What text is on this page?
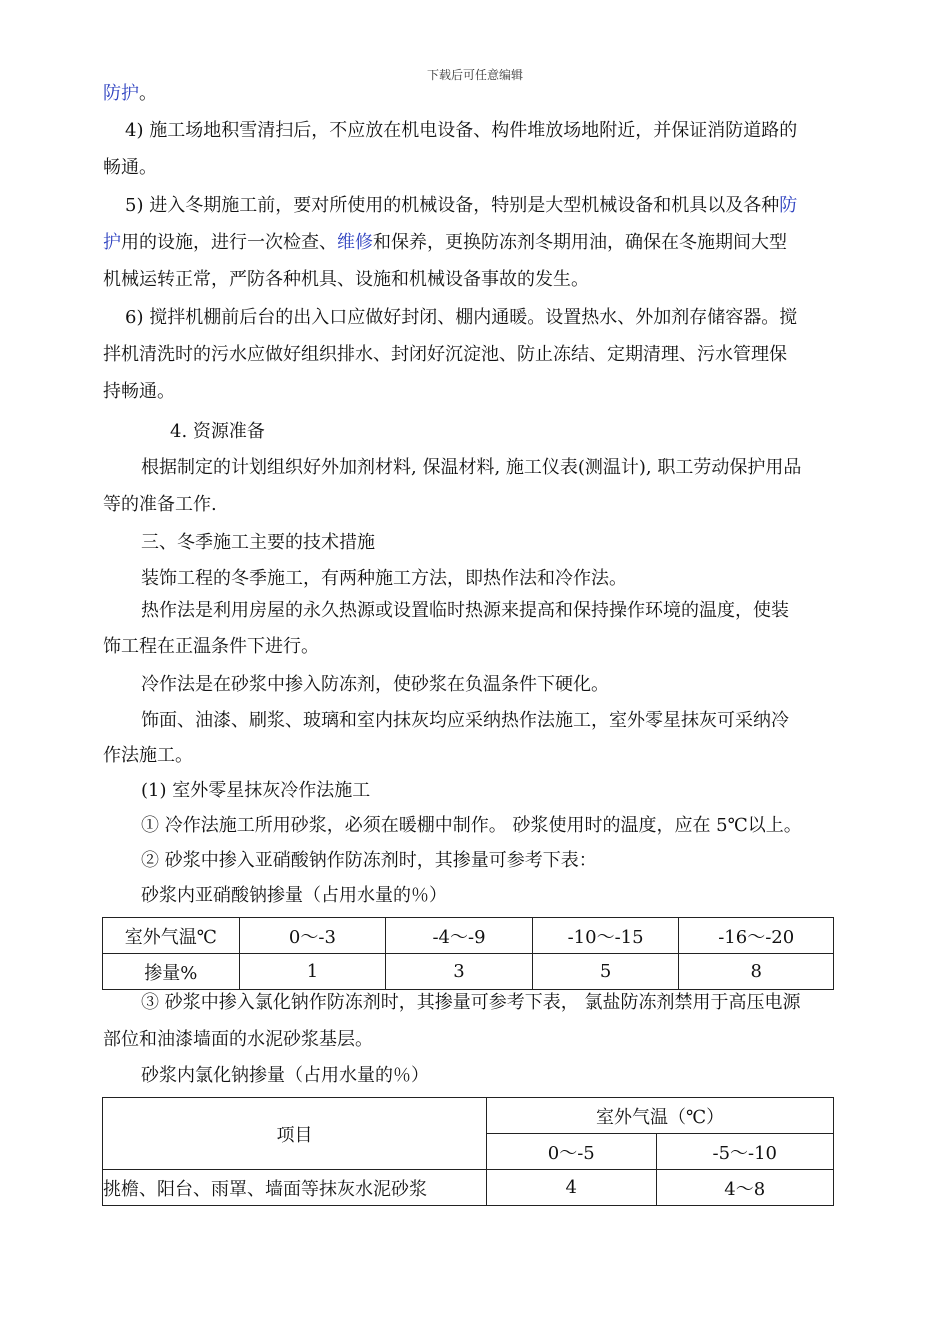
下载后可任意编辑
防护。
4) 施工场地积雪清扫后，不应放在机电设备、构件堆放场地附近，并保证消防道路的
畅通。
5) 进入冬期施工前，要对所使用的机械设备，特别是大型机械设备和机具以及各种防
护用的设施，进行一次检查、维修和保养，更换防冻剂冬期用油，确保在冬施期间大型
机械运转正常，严防各种机具、设施和机械设备事故的发生。
6) 搅拌机棚前后台的出入口应做好封闭、棚内通暖。设置热水、外加剂存储容器。搅
拌机清洗时的污水应做好组织排水、封闭好沉淀池、防止冻结、定期清理、污水管理保
持畅通。
4. 资源准备
根据制定的计划组织好外加剂材料, 保温材料, 施工仪表(测温计), 职工劳动保护用品
等的准备工作.
三、冬季施工主要的技术措施
装饰工程的冬季施工，有两种施工方法，即热作法和冷作法。
热作法是利用房屋的永久热源或设置临时热源来提高和保持操作环境的温度，使装
饰工程在正温条件下进行。
冷作法是在砂浆中掺入防冻剂，使砂浆在负温条件下硬化。
饰面、油漆、刷浆、玻璃和室内抹灰均应采纳热作法施工，室外零星抹灰可采纳冷
作法施工。
(1) 室外零星抹灰冷作法施工
① 冷作法施工所用砂浆，必须在暖棚中制作。 砂浆使用时的温度，应在 5℃以上。
② 砂浆中掺入亚硝酸钠作防冻剂时，其掺量可参考下表：
砂浆内亚硝酸钠掺量（占用水量的％）
室外气温℃	0～-3	-4～-9	-10～-15	-16～-20
掺量%	1	3	5	8
③ 砂浆中掺入氯化钠作防冻剂时，其掺量可参考下表， 氯盐防冻剂禁用于高压电源
部位和油漆墙面的水泥砂浆基层。
砂浆内氯化钠掺量（占用水量的％）
项目	室外气温（℃）	
	0～-5	-5～-10
挑檐、阳台、雨罩、墙面等抹灰水泥砂浆	4	4～8
